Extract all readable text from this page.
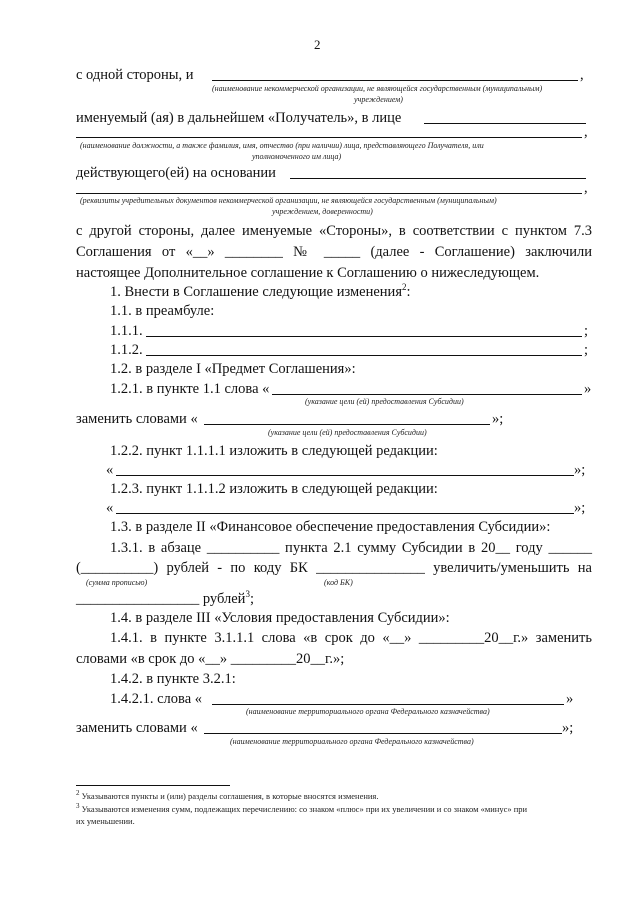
2
с одной стороны, и	,
(наименование некоммерческой организации, не являющейся государственным (муниципальным)
учреждением)
именуемый (ая) в дальнейшем «Получатель», в лице
,
(наименование должности, а также фамилия, имя, отчество (при наличии) лица, представляющего Получателя, или
уполномоченного им лица)
действующего(ей) на основании
,
(реквизиты учредительных документов некоммерческой организации, не являющейся государственным (муниципальным)
учреждением, доверенности)
с другой стороны, далее именуемые «Стороны», в соответствии с пунктом 7.3
Соглашения от «__» ________ № _____ (далее - Соглашение) заключили
настоящее Дополнительное соглашение к Соглашению о нижеследующем.
1. Внести в Соглашение следующие изменения$^2$:
1.1. в преамбуле:
1.1.1.	;
1.1.2.	;
1.2. в разделе I «Предмет Соглашения»:
1.2.1. в пункте 1.1 слова «	»
(указание цели (ей) предоставления Субсидии)
заменить словами «	»;
(указание цели (ей) предоставления Субсидии)
1.2.2. пункт 1.1.1.1 изложить в следующей редакции:
«	»;
1.2.3. пункт 1.1.1.2 изложить в следующей редакции:
«	»;
1.3. в разделе II «Финансовое обеспечение предоставления Субсидии»:
1.3.1. в абзаце __________ пункта 2.1 сумму Субсидии в 20__ году ______
(__________) рублей - по коду БК _______________ увеличить/уменьшить на
(сумма прописью)	(код БК)
_________________ рублей$^3$;
1.4. в разделе III «Условия предоставления Субсидии»:
1.4.1. в пункте 3.1.1.1 слова «в срок до «__» _________20__г.» заменить
словами «в срок до «__» _________20__г.»;
1.4.2. в пункте 3.2.1:
1.4.2.1. слова «	»
(наименование территориального органа Федерального казначейства)
заменить словами «	»;
(наименование территориального органа Федерального казначейства)
$^2$ Указываются пункты и (или) разделы соглашения, в которые вносятся изменения.
$^3$ Указываются изменения сумм, подлежащих перечислению: со знаком «плюс» при их увеличении и со знаком «минус» при
их уменьшении.
